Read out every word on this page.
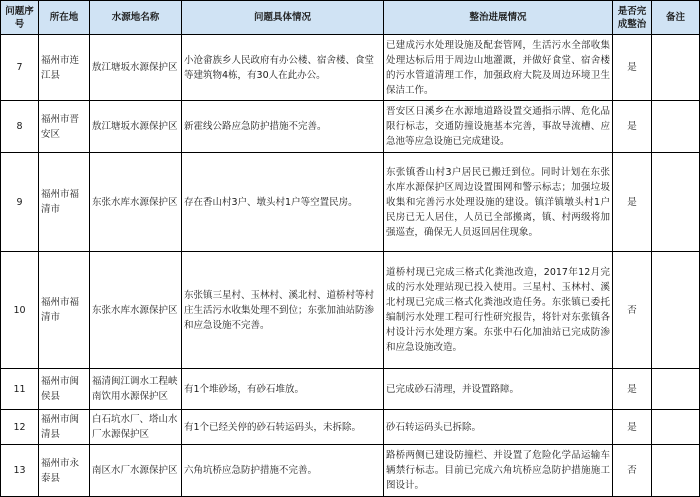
问题序号	所在地	水源地名称	问题具体情况	整治进展情况	是否完成整治	备注
7	福州市连江县	敖江塘坂水源保护区	小沧畲族乡人民政府有办公楼、宿舍楼、食堂等建筑物4栋，有30人在此办公。	已建成污水处理设施及配套管网，生活污水全部收集处理达标后用于周边山地灌溉，并做好食堂、宿舍楼的污水管道清理工作，加强政府大院及周边环境卫生保洁工作。	是	
8	福州市晋安区	敖江塘坂水源保护区	新霍线公路应急防护措施不完善。	晋安区日溪乡在水源地道路设置交通指示牌、危化品限行标志，交通防撞设施基本完善，事故导流槽、应急池等应急设施已完成建设。	是	
9	福州市福清市	东张水库水源保护区	存在香山村3户、墩头村1户等空置民房。	东张镇香山村3户居民已搬迁到位。同时计划在东张水库水源保护区周边设置围网和警示标志；加强垃圾收集和完善污水处理设施的建设。镇洋镇墩头村1户民房已无人居住，人员已全部搬离，镇、村两级将加强巡查，确保无人员返回居住现象。	是	
10	福州市福清市	东张水库水源保护区	东张镇三星村、玉林村、溪北村、道桥村等村庄生活污水收集处理不到位；东张加油站防渗和应急设施不完善。	道桥村现已完成三格式化粪池改造，2017年12月完成的污水处理站现已投入使用。三星村、玉林村、溪北村现已完成三格式化粪池改造任务。东张镇已委托编制污水处理工程可行性研究报告，将针对东张镇各村设计污水处理方案。东张中石化加油站已完成防渗和应急设施改造。	否	
11	福州市闽侯县	福清闽江调水工程峡南饮用水源保护区	有1个堆砂场，有砂石堆放。	已完成砂石清理，并设置路障。	是	
12	福州市闽清县	白石坑水厂、塔山水厂水源保护区	有1个已经关停的砂石转运码头，未拆除。	砂石转运码头已拆除。	是	
13	福州市永泰县	南区水厂水源保护区	六角坑桥应急防护措施不完善。	路桥两侧已建设防撞栏、并设置了危险化学品运输车辆禁行标志。目前已完成六角坑桥应急防护措施施工图设计。	否	
